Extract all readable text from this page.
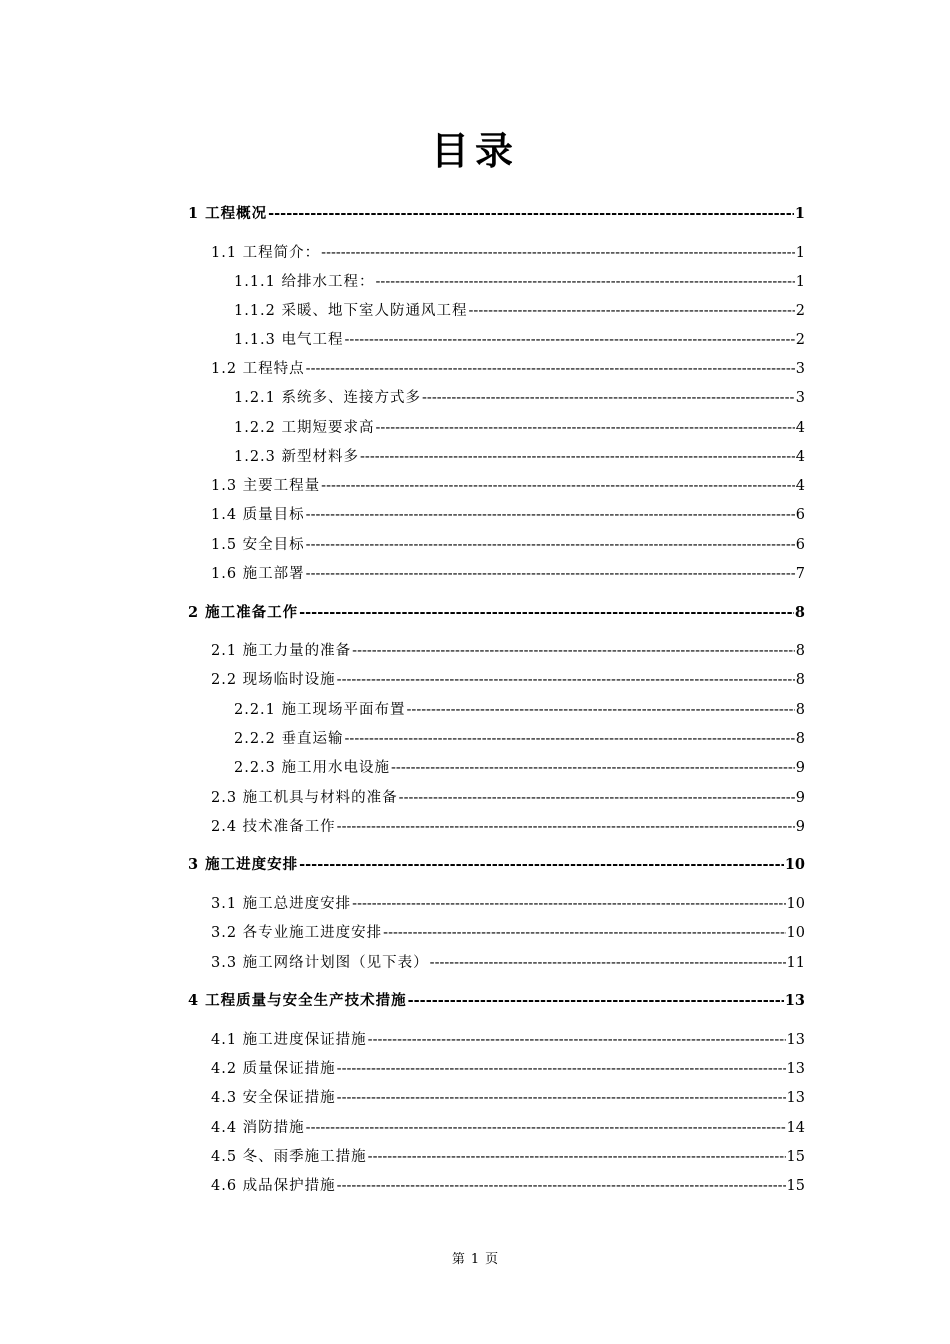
目录
1 工程概况 -----	1
1.1 工程简介： -----	1
1.1.1 给排水工程： -----	1
1.1.2 采暖、地下室人防通风工程 -----	2
1.1.3 电气工程 -----	2
1.2 工程特点 -----	3
1.2.1 系统多、连接方式多 -----	3
1.2.2 工期短要求高 -----	4
1.2.3 新型材料多 -----	4
1.3 主要工程量 -----	4
1.4 质量目标 -----	6
1.5 安全目标 -----	6
1.6 施工部署 -----	7
2 施工准备工作 -----	8
2.1 施工力量的准备 -----	8
2.2 现场临时设施 -----	8
2.2.1 施工现场平面布置 -----	8
2.2.2 垂直运输 -----	8
2.2.3 施工用水电设施 -----	9
2.3 施工机具与材料的准备 -----	9
2.4 技术准备工作 -----	9
3 施工进度安排 -----	10
3.1 施工总进度安排 -----	10
3.2 各专业施工进度安排 -----	10
3.3 施工网络计划图（见下表） -----	11
4 工程质量与安全生产技术措施 -----	13
4.1 施工进度保证措施 -----	13
4.2 质量保证措施 -----	13
4.3 安全保证措施 -----	13
4.4 消防措施 -----	14
4.5 冬、雨季施工措施 -----	15
4.6 成品保护措施 -----	15
第 1 页
